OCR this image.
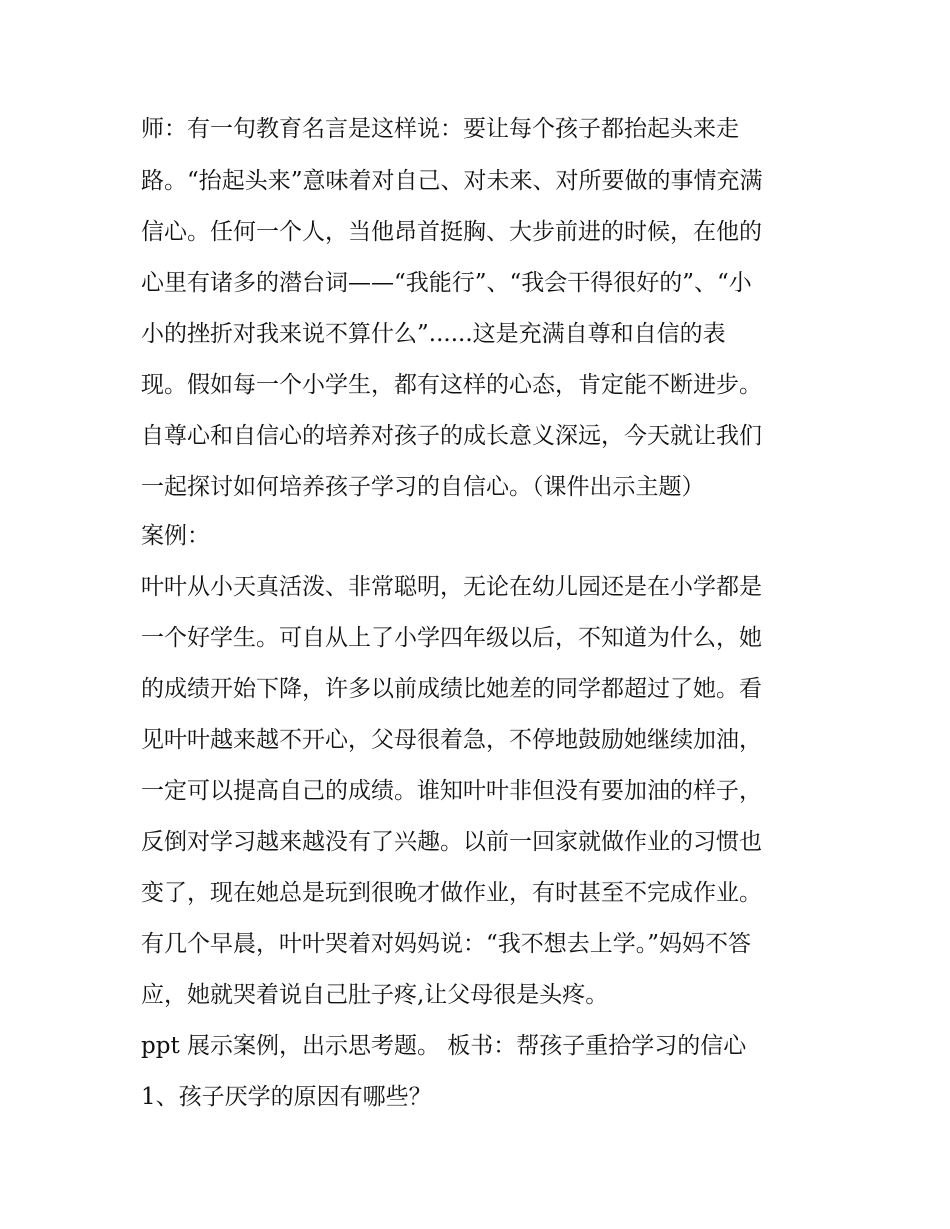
师：有一句教育名言是这样说：要让每个孩子都抬起头来走
路。“抬起头来”意味着对自己、对未来、对所要做的事情充满
信心。任何一个人，当他昂首挺胸、大步前进的时候，在他的
心里有诸多的潜台词——“我能行”、“我会干得很好的”、“小
小的挫折对我来说不算什么”......这是充满自尊和自信的表
现。假如每一个小学生，都有这样的心态，肯定能不断进步。
自尊心和自信心的培养对孩子的成长意义深远，今天就让我们
一起探讨如何培养孩子学习的自信心。（课件出示主题）
案例：
叶叶从小天真活泼、非常聪明，无论在幼儿园还是在小学都是
一个好学生。可自从上了小学四年级以后，不知道为什么，她
的成绩开始下降，许多以前成绩比她差的同学都超过了她。看
见叶叶越来越不开心，父母很着急，不停地鼓励她继续加油，
一定可以提高自己的成绩。谁知叶叶非但没有要加油的样子，
反倒对学习越来越没有了兴趣。以前一回家就做作业的习惯也
变了，现在她总是玩到很晚才做作业，有时甚至不完成作业。
有几个早晨，叶叶哭着对妈妈说：“我不想去上学。”妈妈不答
应，她就哭着说自己肚子疼,让父母很是头疼。
ppt 展示案例，出示思考题。 板书：帮孩子重拾学习的信心
1、孩子厌学的原因有哪些？
